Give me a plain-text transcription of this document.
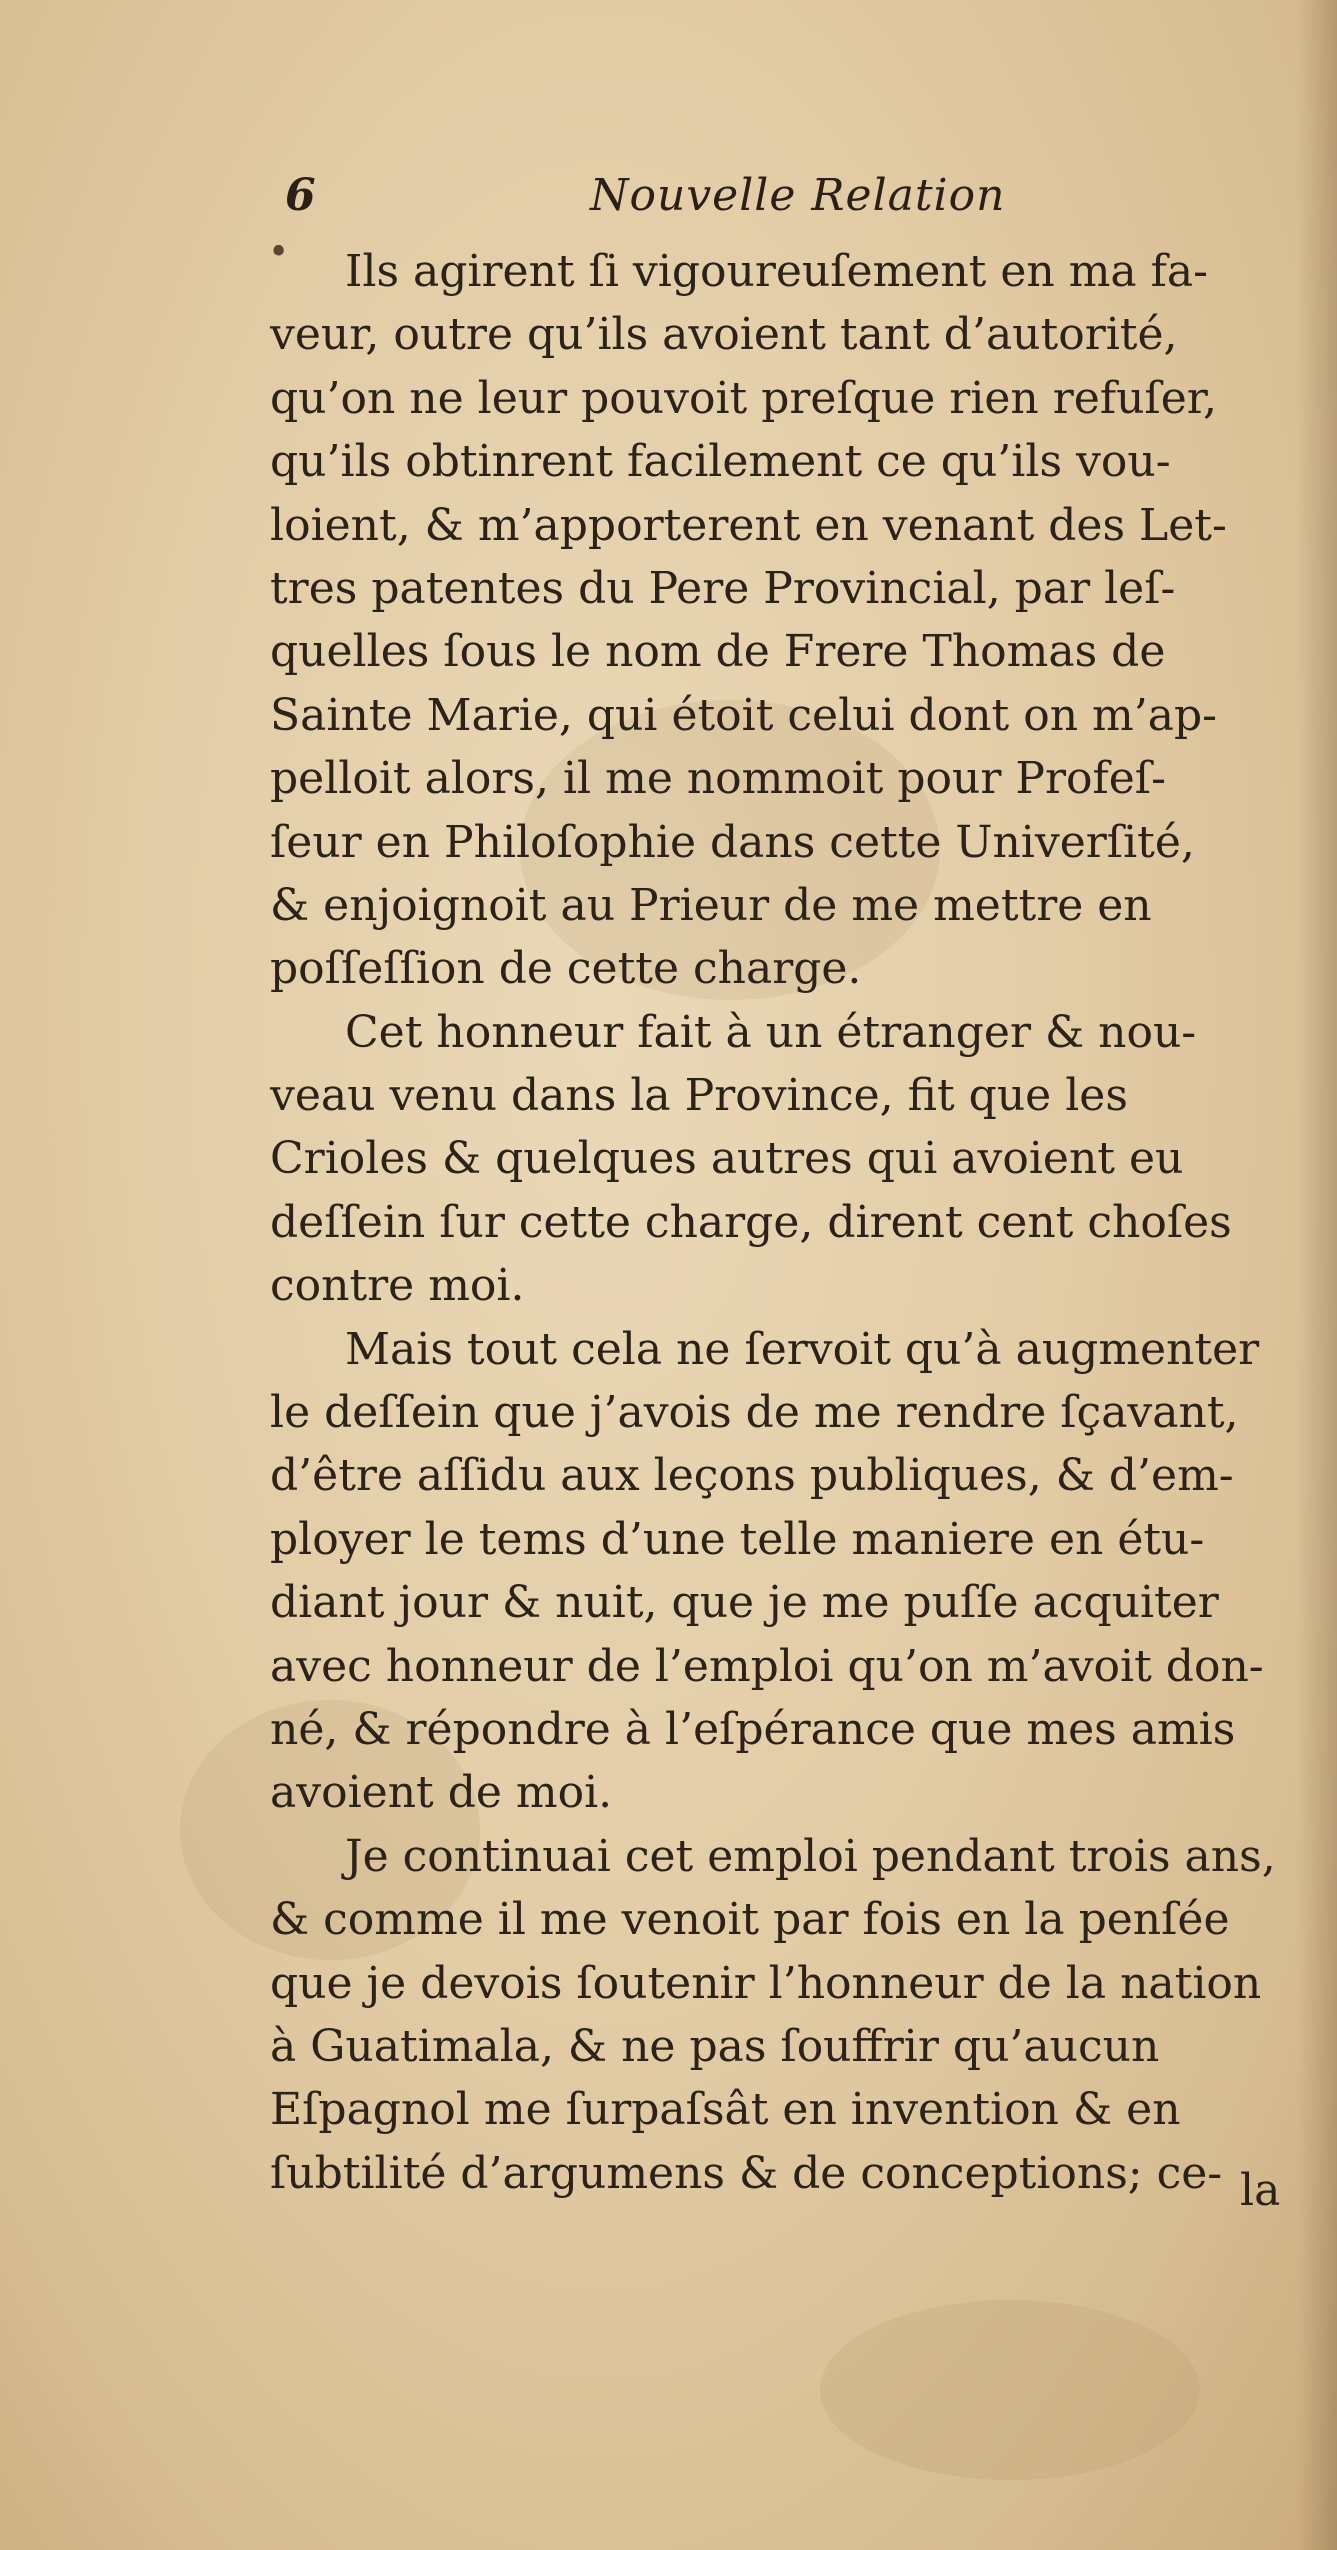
6	Nouvelle Relation
•	Ils agirent ſi vigoureuſement en ma fa-
veur, outre qu’ils avoient tant d’autorité,
qu’on ne leur pouvoit preſque rien refuſer,
qu’ils obtinrent facilement ce qu’ils vou-
loient, & m’apporterent en venant des Let-
tres patentes du Pere Provincial, par leſ-
quelles ſous le nom de Frere Thomas de
Sainte Marie, qui étoit celui dont on m’ap-
pelloit alors, il me nommoit pour Profeſ-
ſeur en Philoſophie dans cette Univerſité,
& enjoignoit au Prieur de me mettre en
poſſeſſion de cette charge.
Cet honneur fait à un étranger & nou-
veau venu dans la Province, fit que les
Crioles & quelques autres qui avoient eu
deſſein ſur cette charge, dirent cent choſes
contre moi.
Mais tout cela ne ſervoit qu’à augmenter
le deſſein que j’avois de me rendre ſçavant,
d’être aſſidu aux leçons publiques, & d’em-
ployer le tems d’une telle maniere en étu-
diant jour & nuit, que je me puſſe acquiter
avec honneur de l’emploi qu’on m’avoit don-
né, & répondre à l’eſpérance que mes amis
avoient de moi.
Je continuai cet emploi pendant trois ans,
& comme il me venoit par fois en la penſée
que je devois ſoutenir l’honneur de la nation
à Guatimala, & ne pas ſouffrir qu’aucun
Eſpagnol me ſurpaſsât en invention & en
ſubtilité d’argumens & de conceptions; ce- la
